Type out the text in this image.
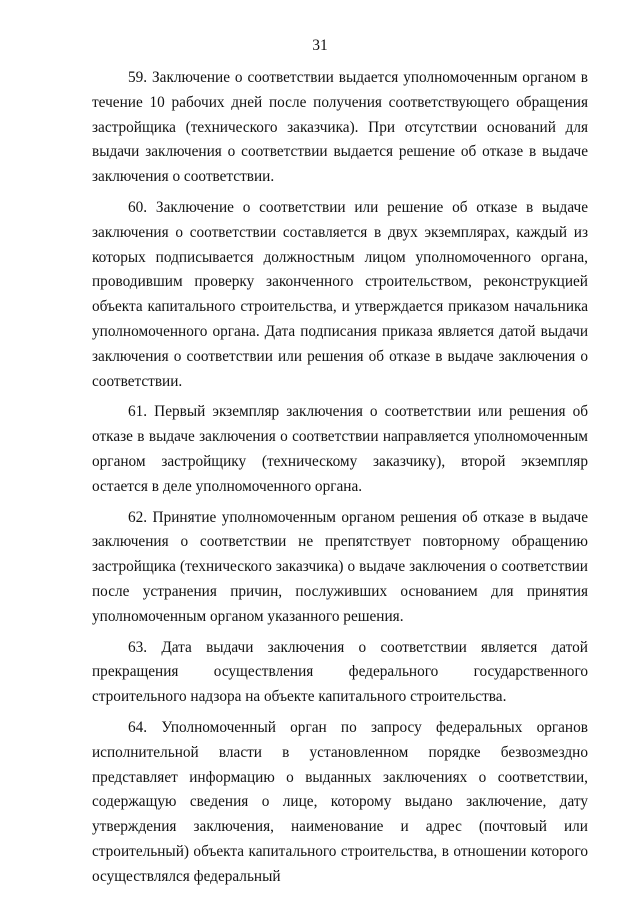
31

59. Заключение о соответствии выдается уполномоченным органом в течение 10 рабочих дней после получения соответствующего обращения застройщика (технического заказчика). При отсутствии оснований для выдачи заключения о соответствии выдается решение об отказе в выдаче заключения о соответствии.

60. Заключение о соответствии или решение об отказе в выдаче заключения о соответствии составляется в двух экземплярах, каждый из которых подписывается должностным лицом уполномоченного органа, проводившим проверку законченного строительством, реконструкцией объекта капитального строительства, и утверждается приказом начальника уполномоченного органа. Дата подписания приказа является датой выдачи заключения о соответствии или решения об отказе в выдаче заключения о соответствии.

61. Первый экземпляр заключения о соответствии или решения об отказе в выдаче заключения о соответствии направляется уполномоченным органом застройщику (техническому заказчику), второй экземпляр остается в деле уполномоченного органа.

62. Принятие уполномоченным органом решения об отказе в выдаче заключения о соответствии не препятствует повторному обращению застройщика (технического заказчика) о выдаче заключения о соответствии после устранения причин, послуживших основанием для принятия уполномоченным органом указанного решения.

63. Дата выдачи заключения о соответствии является датой прекращения осуществления федерального государственного строительного надзора на объекте капитального строительства.

64. Уполномоченный орган по запросу федеральных органов исполнительной власти в установленном порядке безвозмездно представляет информацию о выданных заключениях о соответствии, содержащую сведения о лице, которому выдано заключение, дату утверждения заключения, наименование и адрес (почтовый или строительный) объекта капитального строительства, в отношении которого осуществлялся федеральный
